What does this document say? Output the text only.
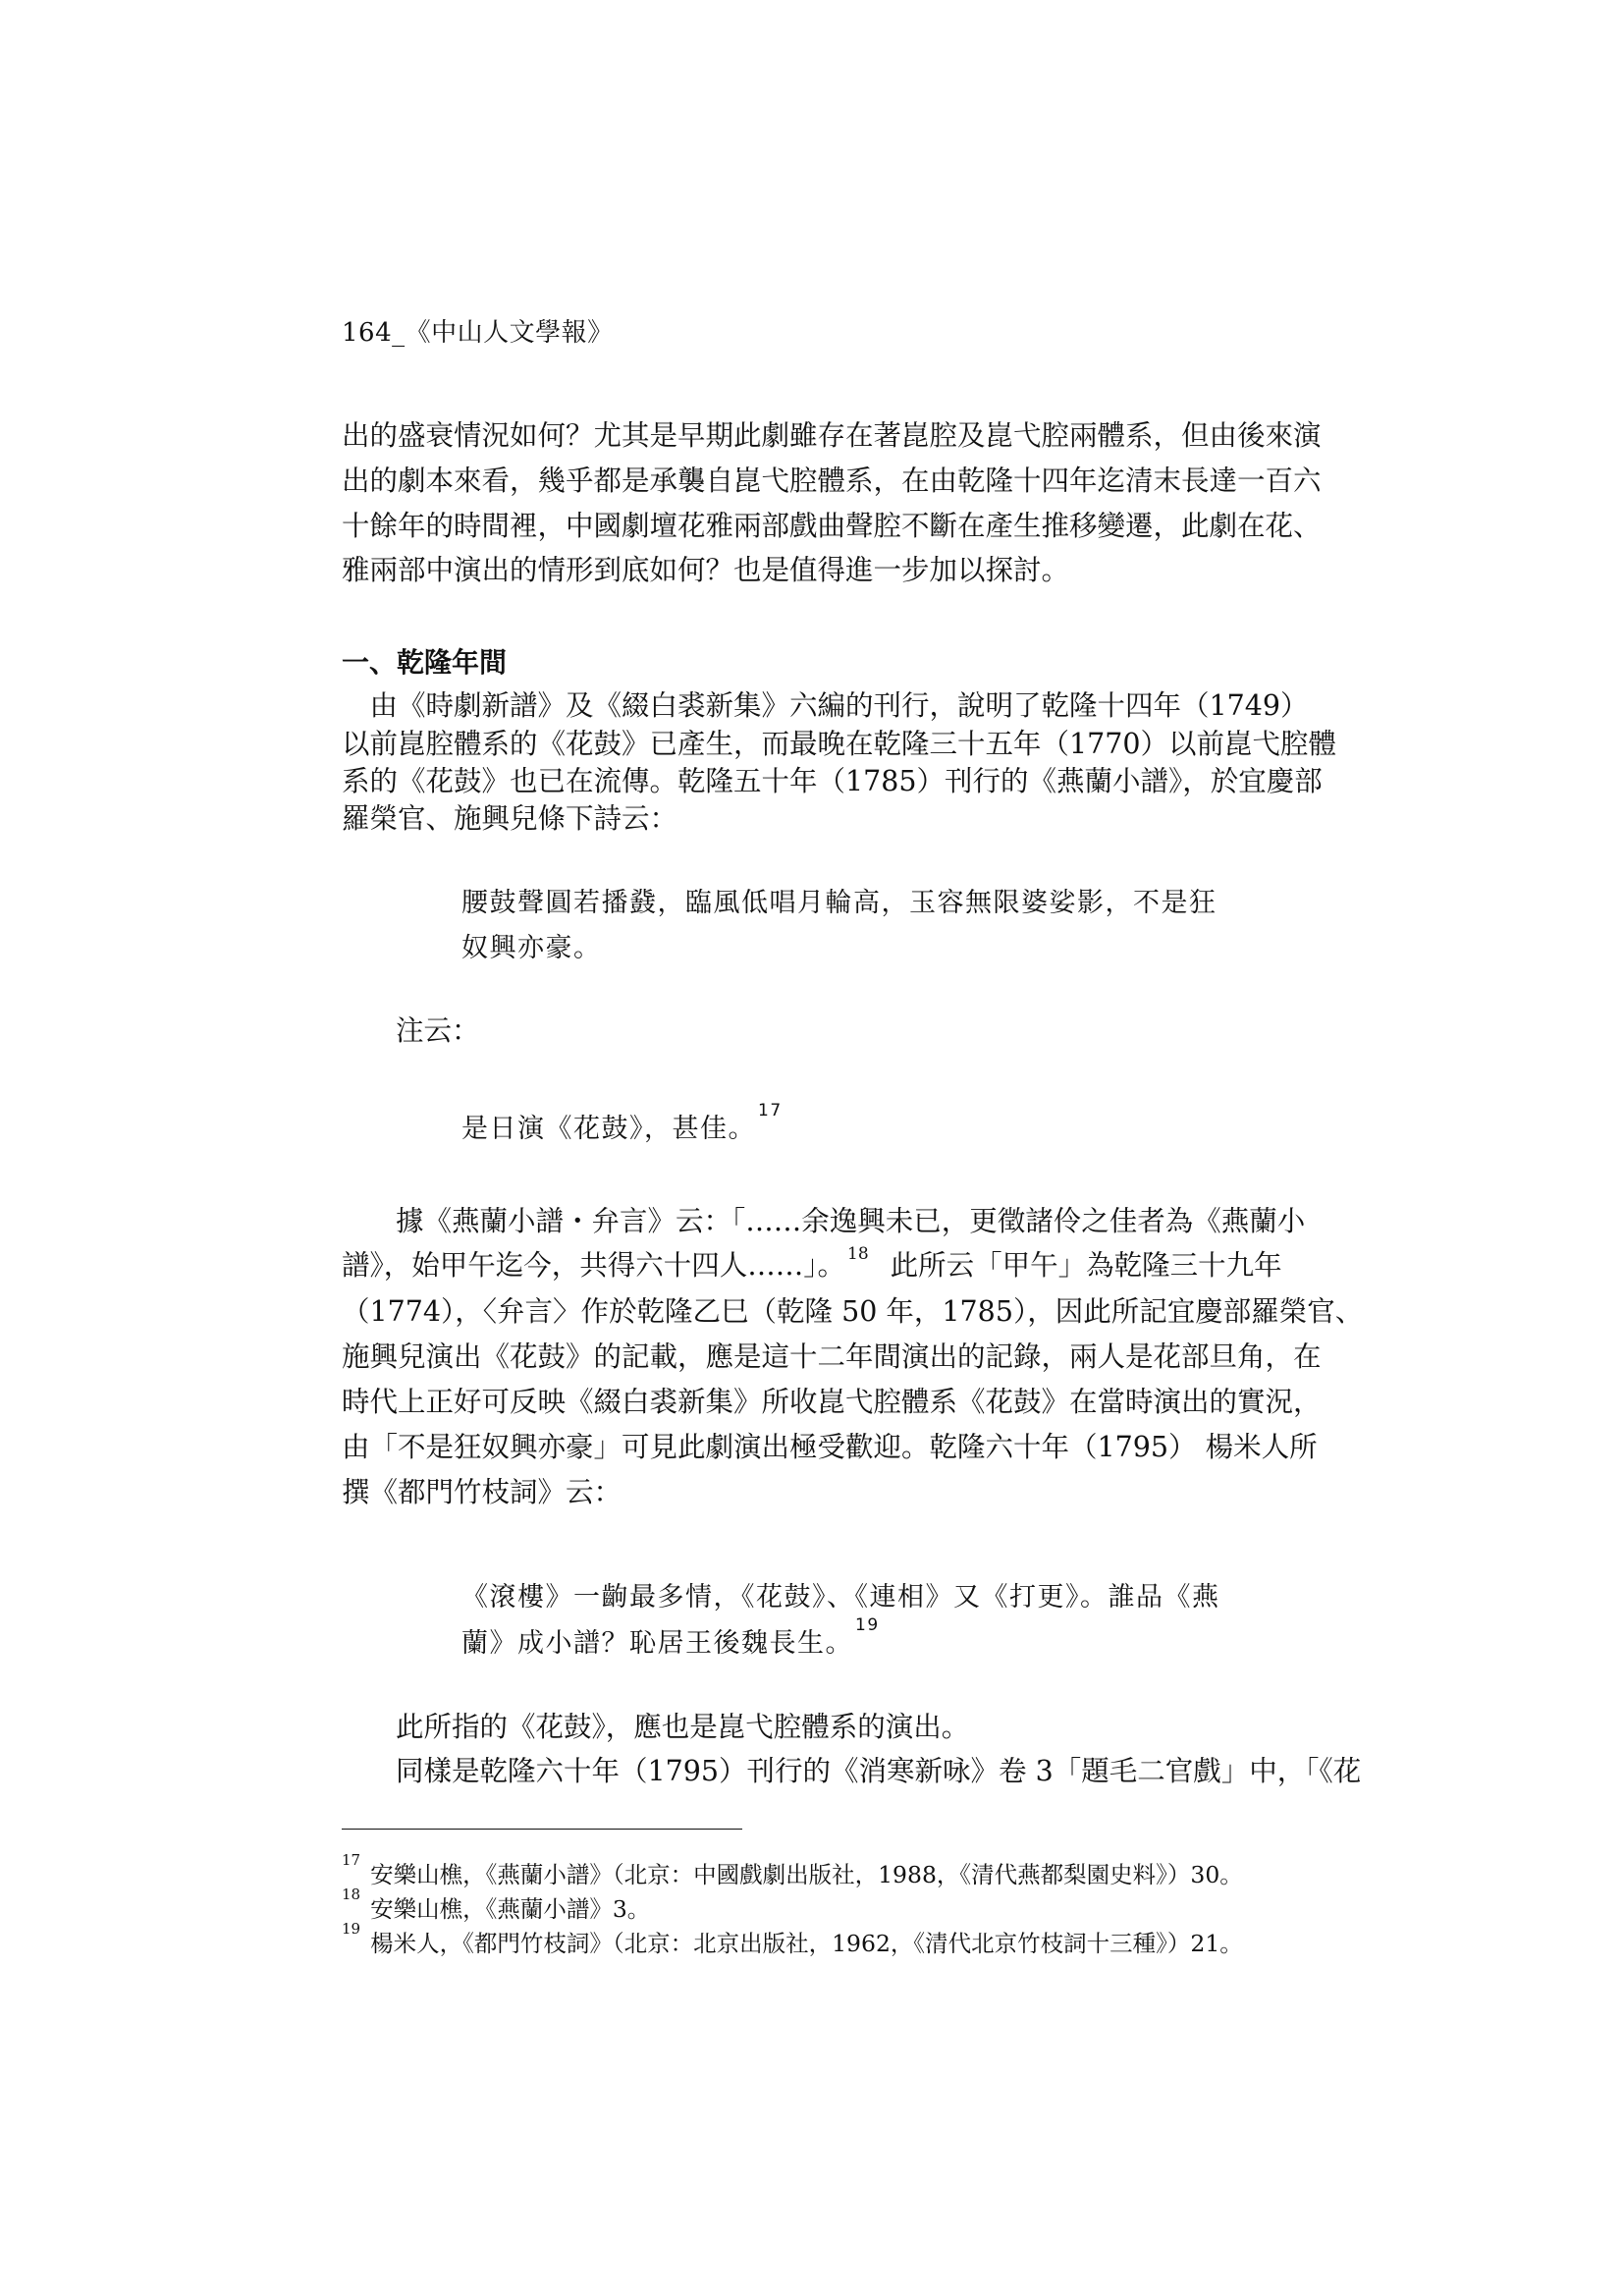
164_《中山人文學報》
出的盛衰情況如何？尤其是早期此劇雖存在著崑腔及崑弋腔兩體系，但由後來演
出的劇本來看，幾乎都是承襲自崑弋腔體系，在由乾隆十四年迄清末長達一百六
十餘年的時間裡，中國劇壇花雅兩部戲曲聲腔不斷在產生推移變遷，此劇在花、
雅兩部中演出的情形到底如何？也是值得進一步加以探討。
一、乾隆年間
　由《時劇新譜》及《綴白裘新集》六編的刊行，說明了乾隆十四年（1749）
以前崑腔體系的《花鼓》已產生，而最晚在乾隆三十五年（1770）以前崑弋腔體
系的《花鼓》也已在流傳。乾隆五十年（1785）刊行的《燕蘭小譜》，於宜慶部
羅榮官、施興兒條下詩云：
腰鼓聲圓若播鼗，臨風低唱月輪高，玉容無限婆娑影，不是狂
奴興亦豪。
注云：
是日演《花鼓》，甚佳。$^{17}$
據《燕蘭小譜・弁言》云：「……余逸興未已，更徵諸伶之佳者為《燕蘭小
譜》，始甲午迄今，共得六十四人……」。 $^{18}$ 此所云「甲午」為乾隆三十九年
（1774），〈弁言〉作於乾隆乙巳（乾隆 50 年，1785），因此所記宜慶部羅榮官、
施興兒演出《花鼓》的記載，應是這十二年間演出的記錄，兩人是花部旦角，在
時代上正好可反映《綴白裘新集》所收崑弋腔體系《花鼓》在當時演出的實況，
由「不是狂奴興亦豪」可見此劇演出極受歡迎。乾隆六十年（1795） 楊米人所
撰《都門竹枝詞》云：
《滾樓》一齣最多情，《花鼓》、《連相》又《打更》。誰品《燕
蘭》成小譜？恥居王後魏長生。$^{19}$
此所指的《花鼓》，應也是崑弋腔體系的演出。
同樣是乾隆六十年（1795）刊行的《消寒新咏》卷 3「題毛二官戲」中，「《花
$^{17}$安樂山樵，《燕蘭小譜》（北京：中國戲劇出版社，1988，《清代燕都梨園史料》）30。
$^{18}$安樂山樵，《燕蘭小譜》3。
$^{19}$楊米人，《都門竹枝詞》（北京：北京出版社，1962，《清代北京竹枝詞十三種》）21。
